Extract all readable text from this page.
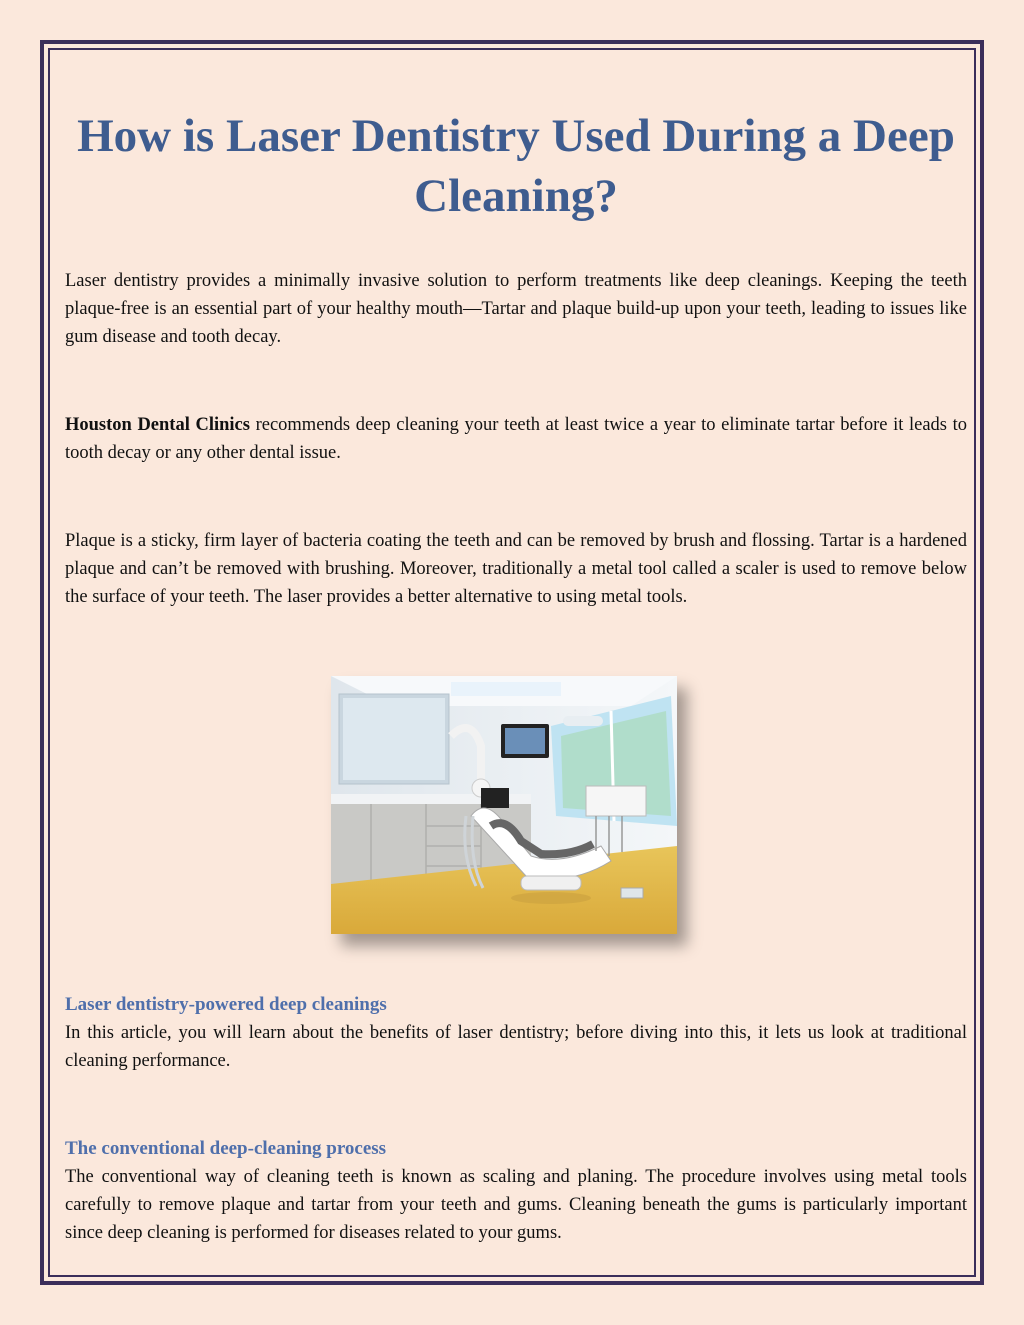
How is Laser Dentistry Used During a Deep Cleaning?

Laser dentistry provides a minimally invasive solution to perform treatments like deep cleanings. Keeping the teeth plaque-free is an essential part of your healthy mouth—Tartar and plaque build-up upon your teeth, leading to issues like gum disease and tooth decay.

Houston Dental Clinics recommends deep cleaning your teeth at least twice a year to eliminate tartar before it leads to tooth decay or any other dental issue.

Plaque is a sticky, firm layer of bacteria coating the teeth and can be removed by brush and flossing. Tartar is a hardened plaque and can’t be removed with brushing. Moreover, traditionally a metal tool called a scaler is used to remove below the surface of your teeth. The laser provides a better alternative to using metal tools.

Laser dentistry-powered deep cleanings

In this article, you will learn about the benefits of laser dentistry; before diving into this, it lets us look at traditional cleaning performance.

The conventional deep-cleaning process

The conventional way of cleaning teeth is known as scaling and planing. The procedure involves using metal tools carefully to remove plaque and tartar from your teeth and gums. Cleaning beneath the gums is particularly important since deep cleaning is performed for diseases related to your gums.
